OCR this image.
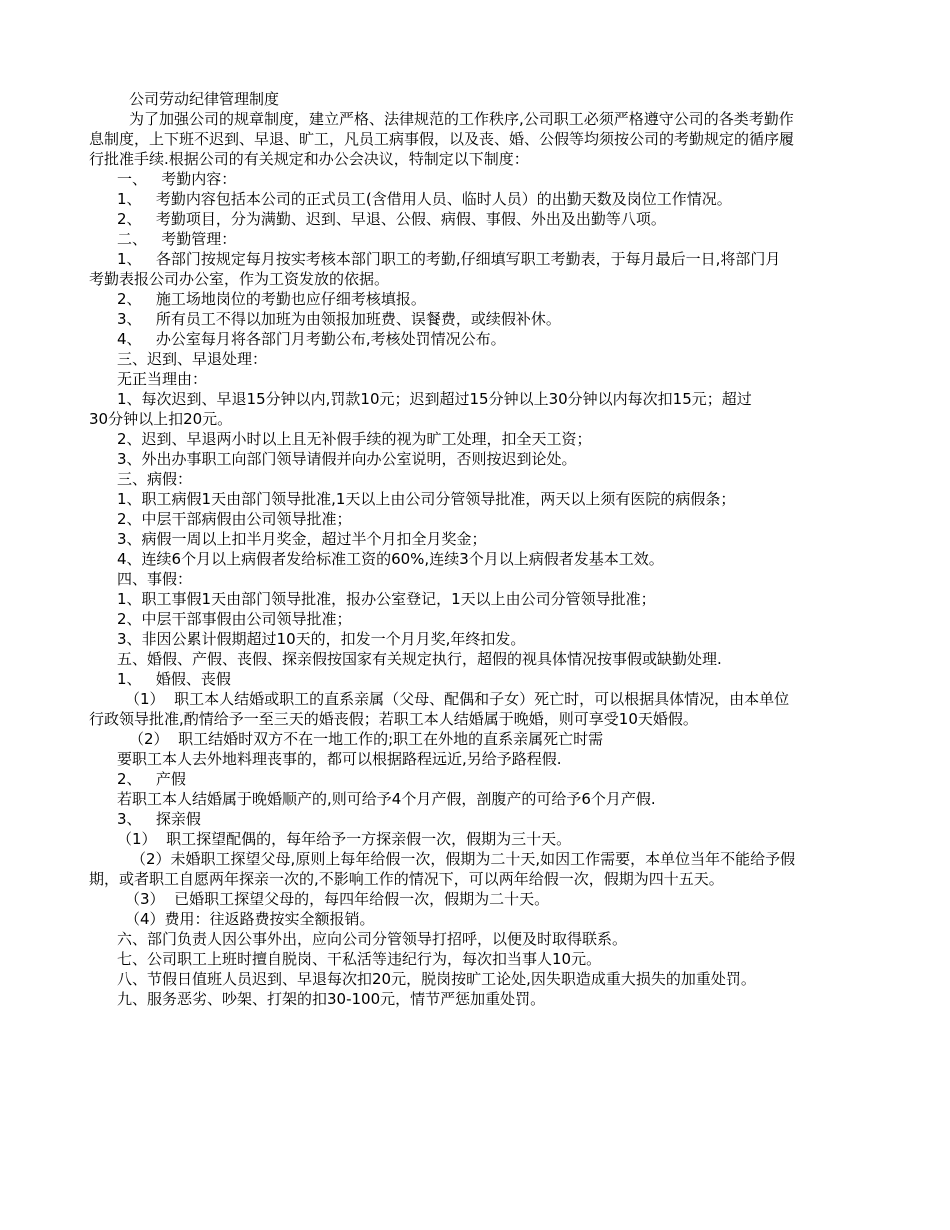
公司劳动纪律管理制度

为了加强公司的规章制度，建立严格、法律规范的工作秩序,公司职工必须严格遵守公司的各类考勤作

息制度，上下班不迟到、早退、旷工，凡员工病事假，以及丧、婚、公假等均须按公司的考勤规定的循序履

行批准手续.根据公司的有关规定和办公会决议，特制定以下制度：

一、   考勤内容：

1、   考勤内容包括本公司的正式员工(含借用人员、临时人员）的出勤天数及岗位工作情况。

2、   考勤项目，分为满勤、迟到、早退、公假、病假、事假、外出及出勤等八项。

二、   考勤管理：

1、   各部门按规定每月按实考核本部门职工的考勤,仔细填写职工考勤表，于每月最后一日,将部门月

考勤表报公司办公室，作为工资发放的依据。

2、   施工场地岗位的考勤也应仔细考核填报。

3、   所有员工不得以加班为由领报加班费、误餐费，或续假补休。

4、   办公室每月将各部门月考勤公布,考核处罚情况公布。

三、迟到、早退处理：

无正当理由：

1、每次迟到、早退15分钟以内,罚款10元；迟到超过15分钟以上30分钟以内每次扣15元；超过

30分钟以上扣20元。

2、迟到、早退两小时以上且无补假手续的视为旷工处理，扣全天工资；

3、外出办事职工向部门领导请假并向办公室说明，否则按迟到论处。

三、病假：

1、职工病假1天由部门领导批准,1天以上由公司分管领导批准，两天以上须有医院的病假条；

2、中层干部病假由公司领导批准；

3、病假一周以上扣半月奖金，超过半个月扣全月奖金；

4、连续6个月以上病假者发给标准工资的60%,连续3个月以上病假者发基本工效。

四、事假：

1、职工事假1天由部门领导批准，报办公室登记，1天以上由公司分管领导批准；

2、中层干部事假由公司领导批准；

3、非因公累计假期超过10天的，扣发一个月月奖,年终扣发。

五、婚假、产假、丧假、探亲假按国家有关规定执行，超假的视具体情况按事假或缺勤处理.

1、   婚假、丧假

（1）  职工本人结婚或职工的直系亲属（父母、配偶和子女）死亡时，可以根据具体情况，由本单位

行政领导批准,酌情给予一至三天的婚丧假；若职工本人结婚属于晚婚，则可享受10天婚假。

（2）  职工结婚时双方不在一地工作的;职工在外地的直系亲属死亡时需

要职工本人去外地料理丧事的，都可以根据路程远近,另给予路程假.

2、   产假

若职工本人结婚属于晚婚顺产的,则可给予4个月产假，剖腹产的可给予6个月产假.

3、   探亲假

（1）  职工探望配偶的，每年给予一方探亲假一次，假期为三十天。

（2）未婚职工探望父母,原则上每年给假一次，假期为二十天,如因工作需要，本单位当年不能给予假

期，或者职工自愿两年探亲一次的,不影响工作的情况下，可以两年给假一次，假期为四十五天。

（3）  已婚职工探望父母的，每四年给假一次，假期为二十天。

（4）费用：往返路费按实全额报销。

六、部门负责人因公事外出，应向公司分管领导打招呼，以便及时取得联系。

七、公司职工上班时擅自脱岗、干私活等违纪行为，每次扣当事人10元。

八、节假日值班人员迟到、早退每次扣20元，脱岗按旷工论处,因失职造成重大损失的加重处罚。

九、服务恶劣、吵架、打架的扣30-100元，情节严惩加重处罚。
